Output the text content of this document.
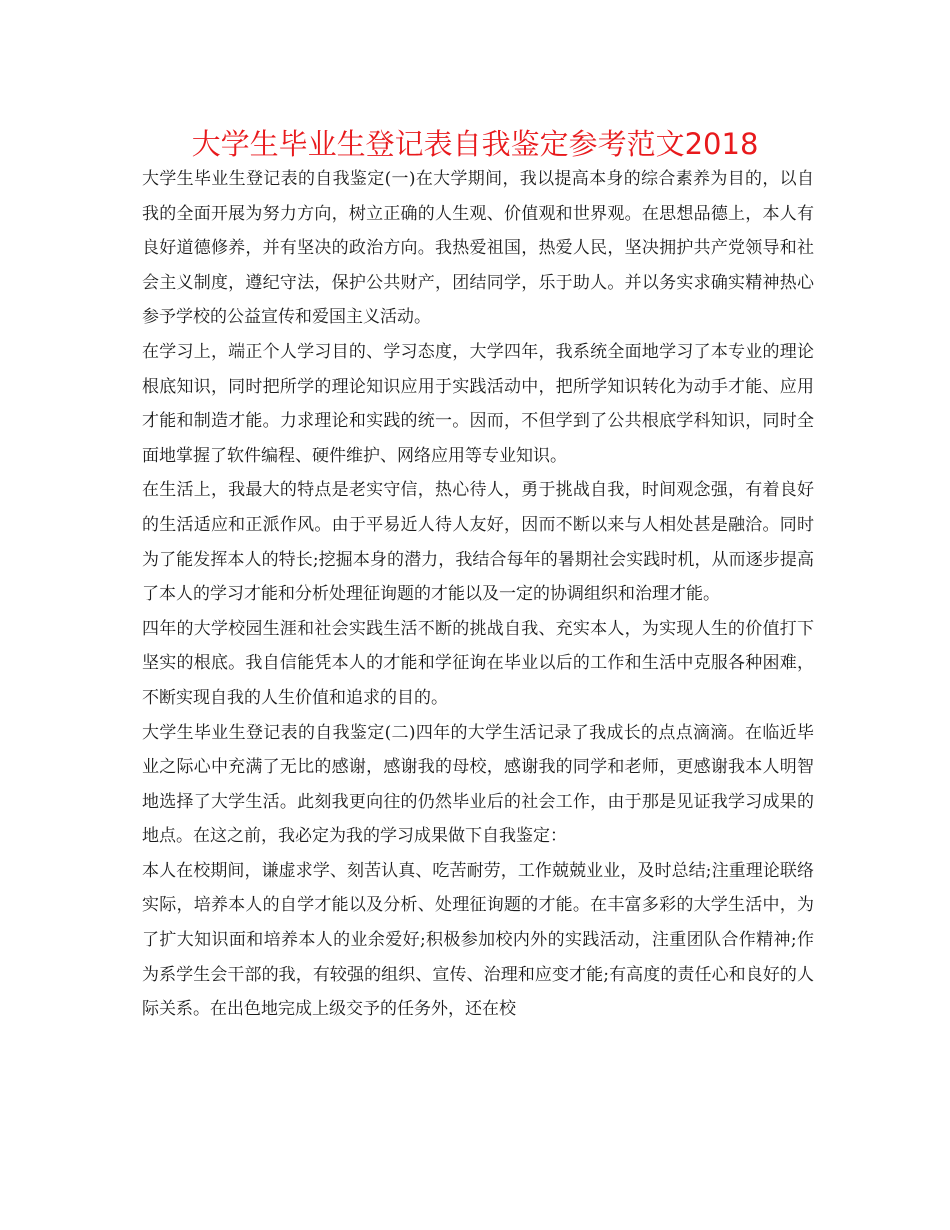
大学生毕业生登记表自我鉴定参考范文2018

大学生毕业生登记表的自我鉴定(一)在大学期间，我以提高本身的综合素养为目的，以自我的全面开展为努力方向，树立正确的人生观、价值观和世界观。在思想品德上，本人有良好道德修养，并有坚决的政治方向。我热爱祖国，热爱人民，坚决拥护共产党领导和社会主义制度，遵纪守法，保护公共财产，团结同学，乐于助人。并以务实求确实精神热心参予学校的公益宣传和爱国主义活动。

在学习上，端正个人学习目的、学习态度，大学四年，我系统全面地学习了本专业的理论根底知识，同时把所学的理论知识应用于实践活动中，把所学知识转化为动手才能、应用才能和制造才能。力求理论和实践的统一。因而，不但学到了公共根底学科知识，同时全面地掌握了软件编程、硬件维护、网络应用等专业知识。

在生活上，我最大的特点是老实守信，热心待人，勇于挑战自我，时间观念强，有着良好的生活适应和正派作风。由于平易近人待人友好，因而不断以来与人相处甚是融洽。同时为了能发挥本人的特长;挖掘本身的潜力，我结合每年的暑期社会实践时机，从而逐步提高了本人的学习才能和分析处理征询题的才能以及一定的协调组织和治理才能。

四年的大学校园生涯和社会实践生活不断的挑战自我、充实本人，为实现人生的价值打下坚实的根底。我自信能凭本人的才能和学征询在毕业以后的工作和生活中克服各种困难，不断实现自我的人生价值和追求的目的。

大学生毕业生登记表的自我鉴定(二)四年的大学生活记录了我成长的点点滴滴。在临近毕业之际心中充满了无比的感谢，感谢我的母校，感谢我的同学和老师，更感谢我本人明智地选择了大学生活。此刻我更向往的仍然毕业后的社会工作，由于那是见证我学习成果的地点。在这之前，我必定为我的学习成果做下自我鉴定：

本人在校期间，谦虚求学、刻苦认真、吃苦耐劳，工作兢兢业业，及时总结;注重理论联络实际，培养本人的自学才能以及分析、处理征询题的才能。在丰富多彩的大学生活中，为了扩大知识面和培养本人的业余爱好;积极参加校内外的实践活动，注重团队合作精神;作为系学生会干部的我，有较强的组织、宣传、治理和应变才能;有高度的责任心和良好的人际关系。在出色地完成上级交予的任务外，还在校
